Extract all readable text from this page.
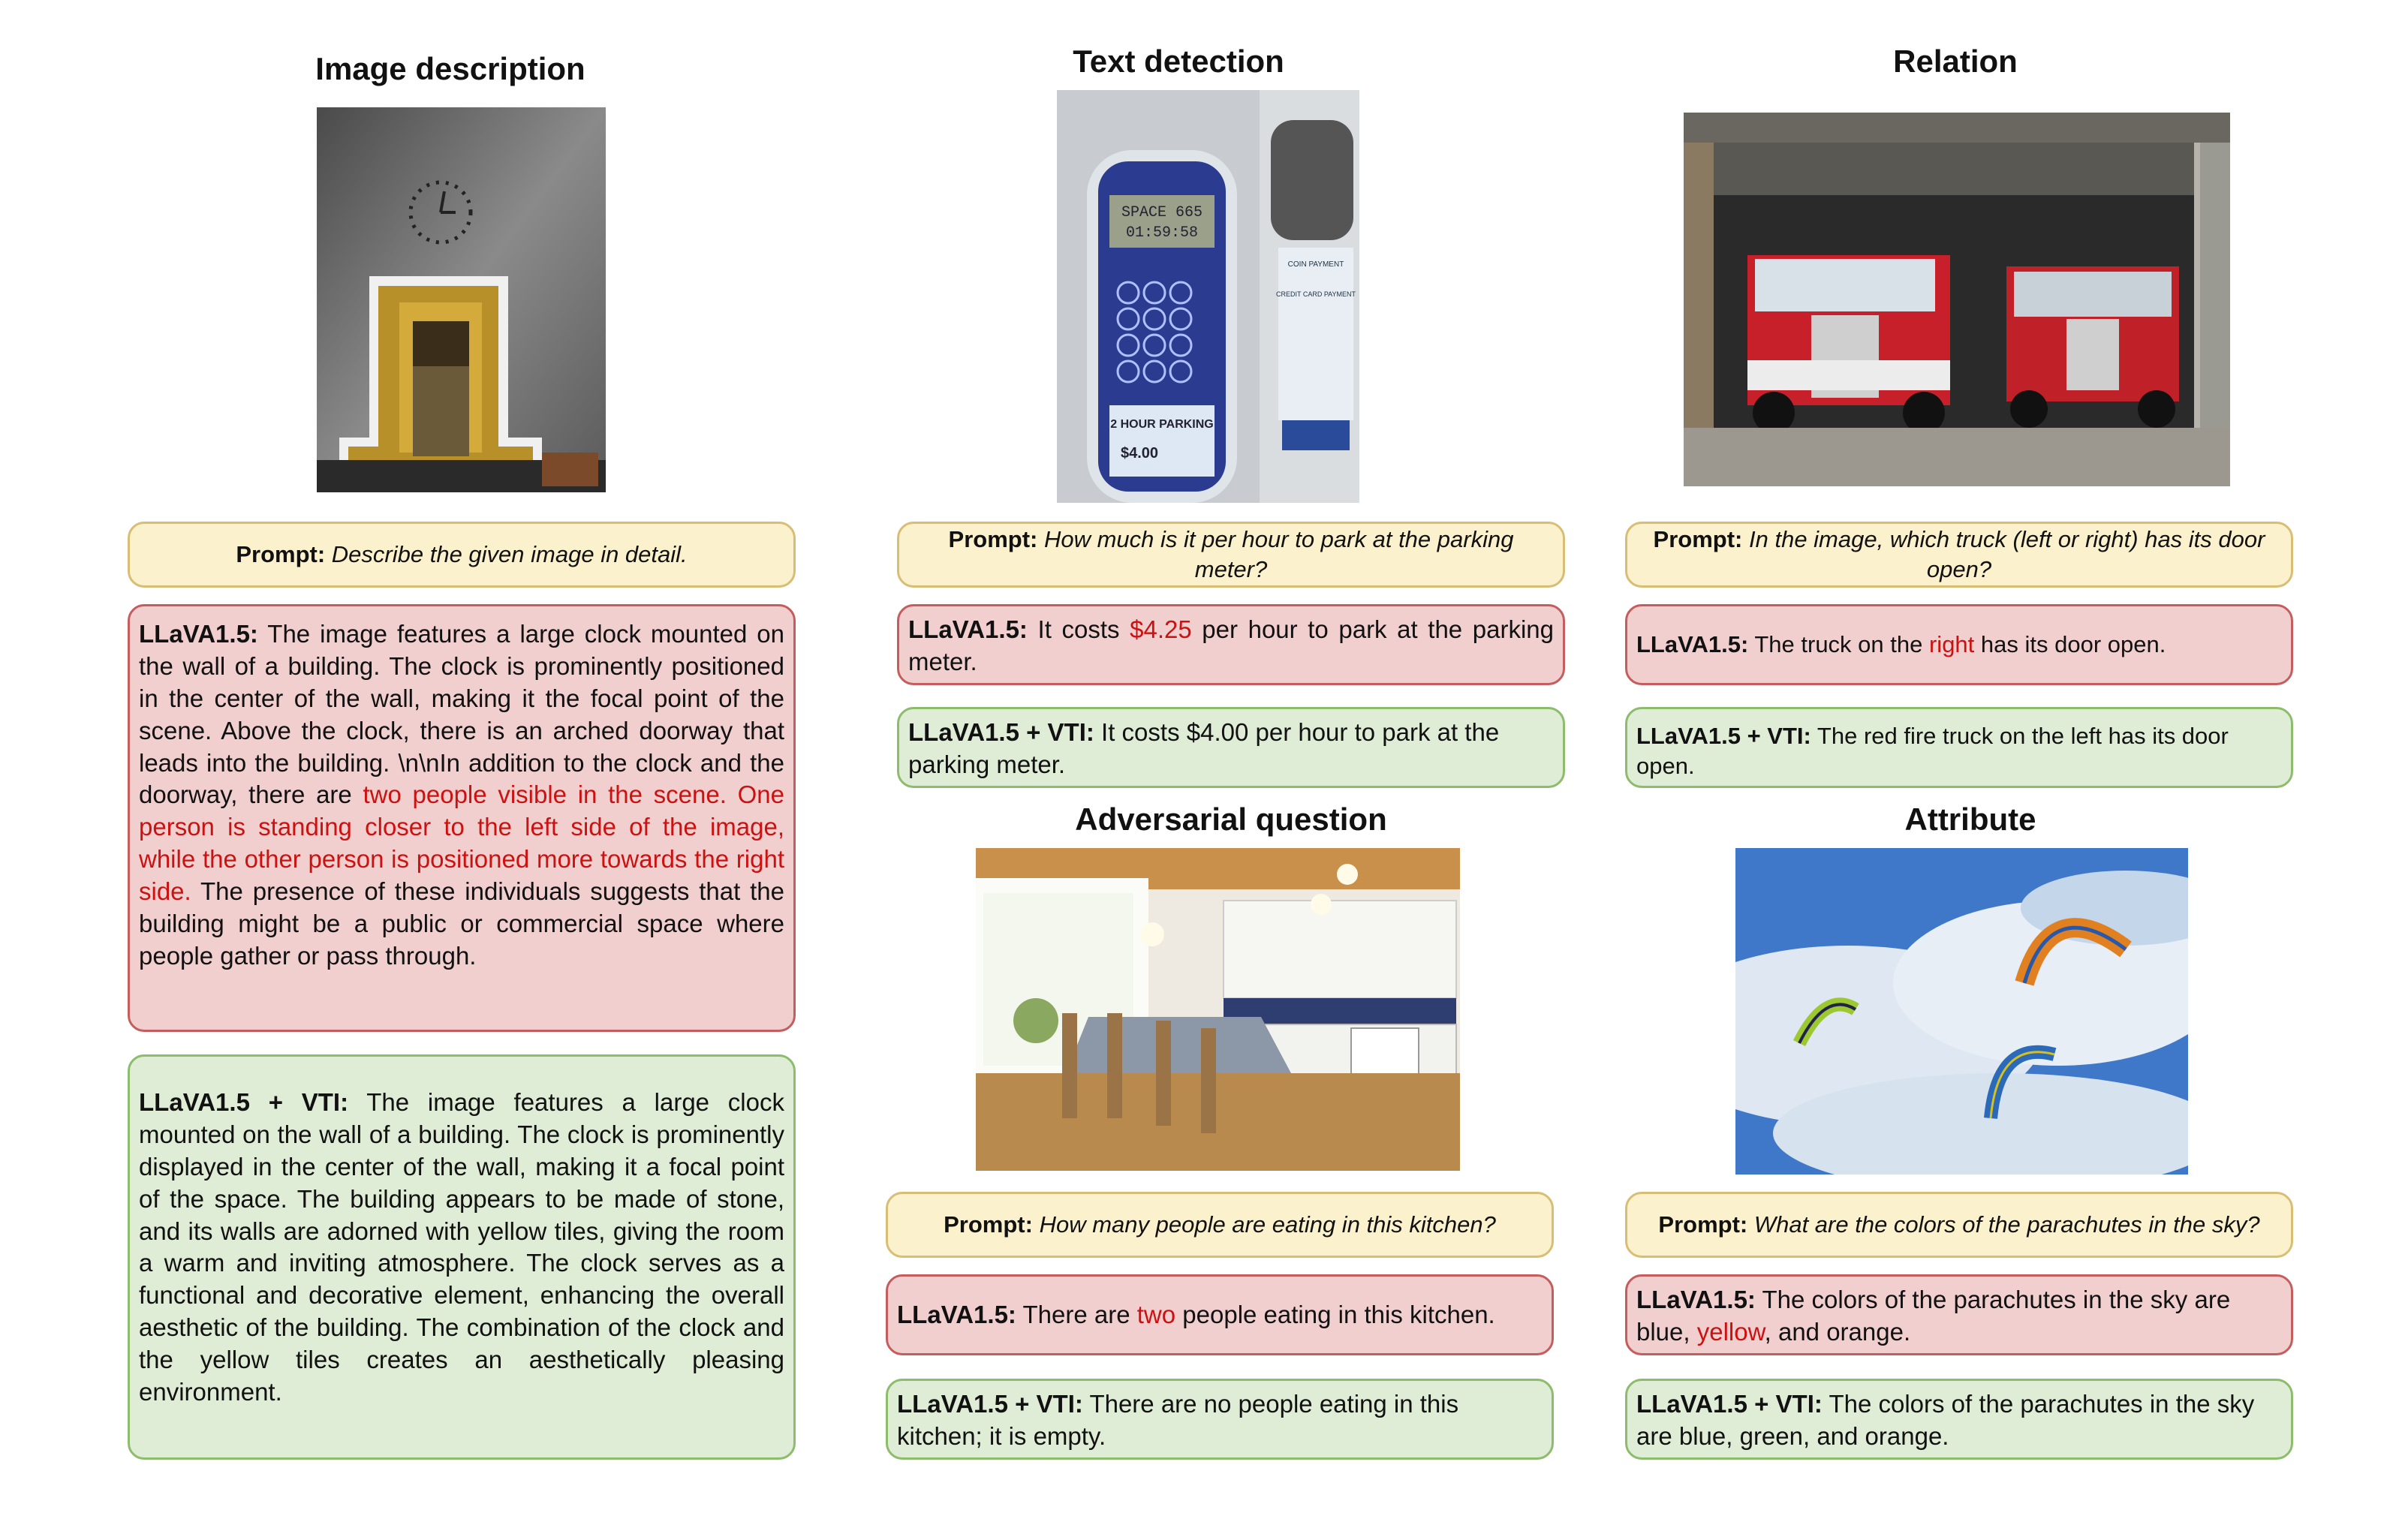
Image description
Prompt: Describe the given image in detail.
LLaVA1.5: The image features a large clock mounted on the wall of a building. The clock is prominently positioned in the center of the wall, making it the focal point of the scene. Above the clock, there is an arched doorway that leads into the building. \n\nIn addition to the clock and the doorway, there are two people visible in the scene. One person is standing closer to the left side of the image, while the other person is positioned more towards the right side. The presence of these individuals suggests that the building might be a public or commercial space where people gather or pass through.
LLaVA1.5 + VTI: The image features a large clock mounted on the wall of a building. The clock is prominently displayed in the center of the wall, making it a focal point of the space. The building appears to be made of stone, and its walls are adorned with yellow tiles, giving the room a warm and inviting atmosphere. The clock serves as a functional and decorative element, enhancing the overall aesthetic of the building. The combination of the clock and the yellow tiles creates an aesthetically pleasing environment.
Text detection
COIN PAYMENT
CREDIT CARD PAYMENT
SPACE 665
01:59:58
2 HOUR PARKING
$4.00
Prompt: How much is it per hour to park at the parking meter?
LLaVA1.5: It costs $4.25 per hour to park at the parking meter.
LLaVA1.5 + VTI: It costs $4.00 per hour to park at the parking meter.
Adversarial question
Prompt: How many people are eating in this kitchen?
LLaVA1.5: There are two people eating in this kitchen.
LLaVA1.5 + VTI: There are no people eating in this kitchen; it is empty.
Relation
Prompt: In the image, which truck (left or right) has its door open?
LLaVA1.5: The truck on the right has its door open.
LLaVA1.5 + VTI: The red fire truck on the left has its door open.
Attribute
Prompt: What are the colors of the parachutes in the sky?
LLaVA1.5: The colors of the parachutes in the sky are blue, yellow, and orange.
LLaVA1.5 + VTI: The colors of the parachutes in the sky are blue, green, and orange.
